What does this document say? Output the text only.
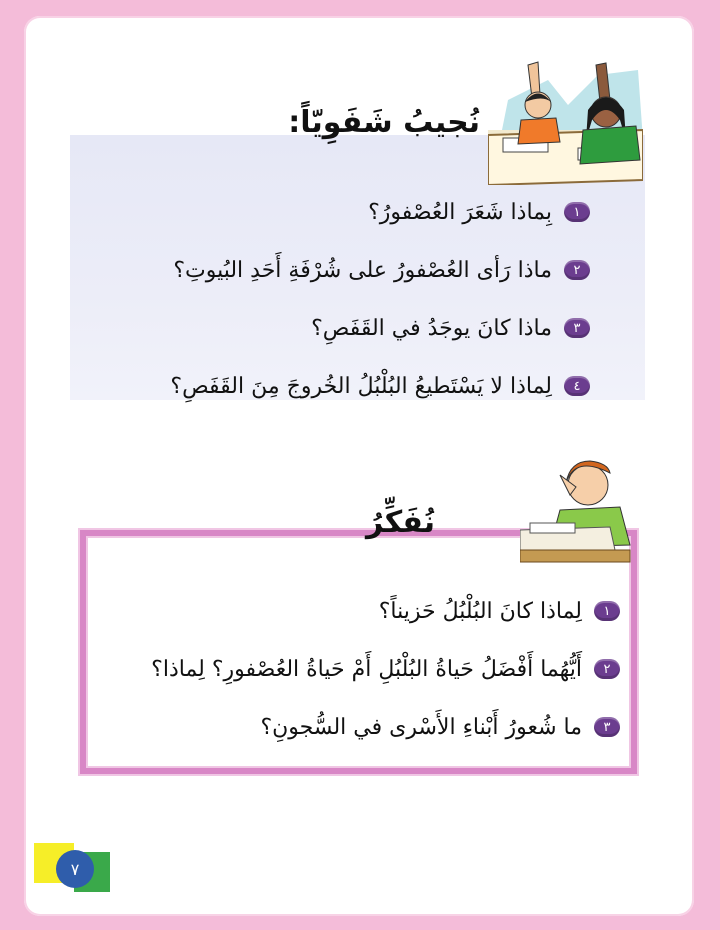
نُجيبُ شَفَوِيّاً:
١
بِماذا شَعَرَ العُصْفورُ؟
٢
ماذا رَأى العُصْفورُ على شُرْفَةِ أَحَدِ البُيوتِ؟
٣
ماذا كانَ يوجَدُ في القَفَصِ؟
٤
لِماذا لا يَسْتَطيعُ البُلْبُلُ الخُروجَ مِنَ القَفَصِ؟
نُفَكِّرُ
١
لِماذا كانَ البُلْبُلُ حَزيناً؟
٢
أَيُّهُما أَفْضَلُ حَياةُ البُلْبُلِ أَمْ حَياةُ العُصْفورِ؟ لِماذا؟
٣
ما شُعورُ أَبْناءِ الأَسْرى في السُّجونِ؟
٧
